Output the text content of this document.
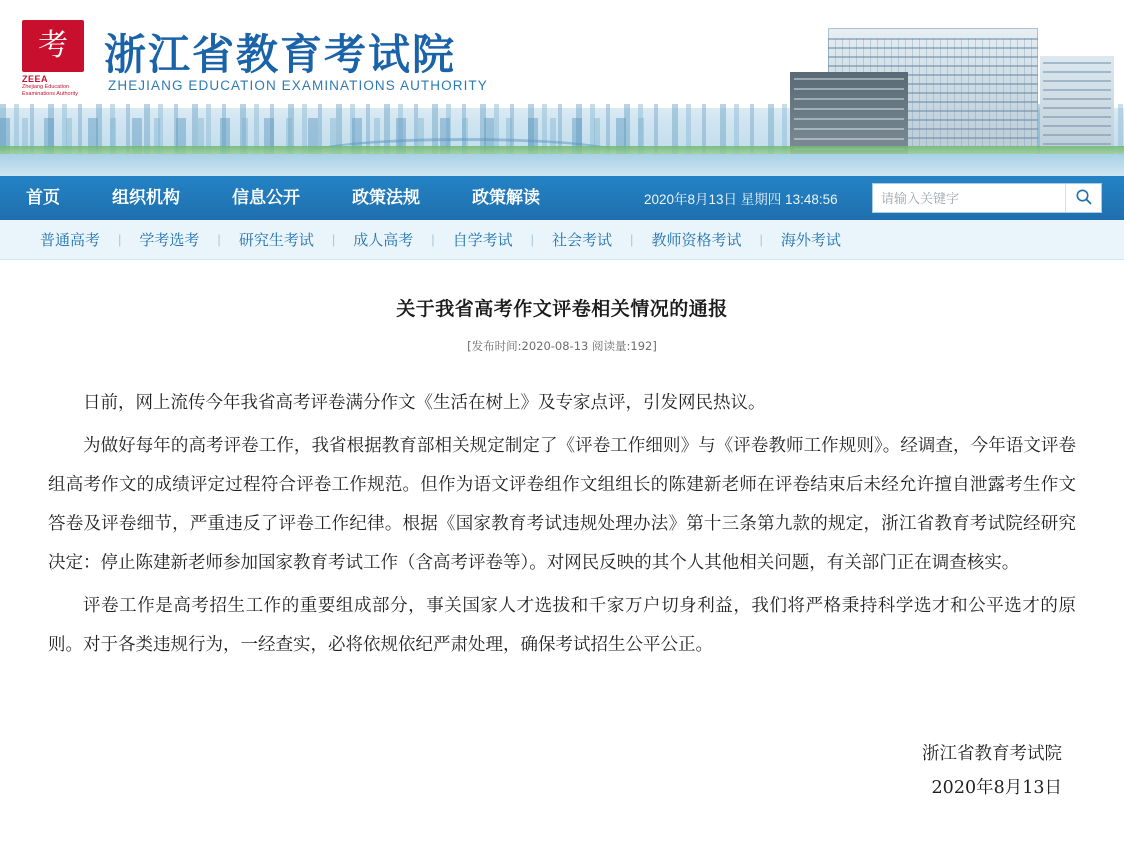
考
ZEEA
Zhejiang Education Examinations Authority
浙江省教育考试院
ZHEJIANG EDUCATION EXAMINATIONS AUTHORITY
首页	组织机构	信息公开	政策法规	政策解读	2020年8月13日 星期四 13:48:56
请输入关键字
普通高考	|	学考选考	|	研究生考试	|	成人高考	|	自学考试	|	社会考试	|	教师资格考试	|	海外考试
关于我省高考作文评卷相关情况的通报
[发布时间:2020-08-13 阅读量:192]

日前，网上流传今年我省高考评卷满分作文《生活在树上》及专家点评，引发网民热议。

为做好每年的高考评卷工作，我省根据教育部相关规定制定了《评卷工作细则》与《评卷教师工作规则》。经调查，今年语文评卷组高考作文的成绩评定过程符合评卷工作规范。但作为语文评卷组作文组组长的陈建新老师在评卷结束后未经允许擅自泄露考生作文答卷及评卷细节，严重违反了评卷工作纪律。根据《国家教育考试违规处理办法》第十三条第九款的规定，浙江省教育考试院经研究决定：停止陈建新老师参加国家教育考试工作（含高考评卷等）。对网民反映的其个人其他相关问题，有关部门正在调查核实。

评卷工作是高考招生工作的重要组成部分，事关国家人才选拔和千家万户切身利益，我们将严格秉持科学选才和公平选才的原则。对于各类违规行为，一经查实，必将依规依纪严肃处理，确保考试招生公平公正。

浙江省教育考试院
2020年8月13日
